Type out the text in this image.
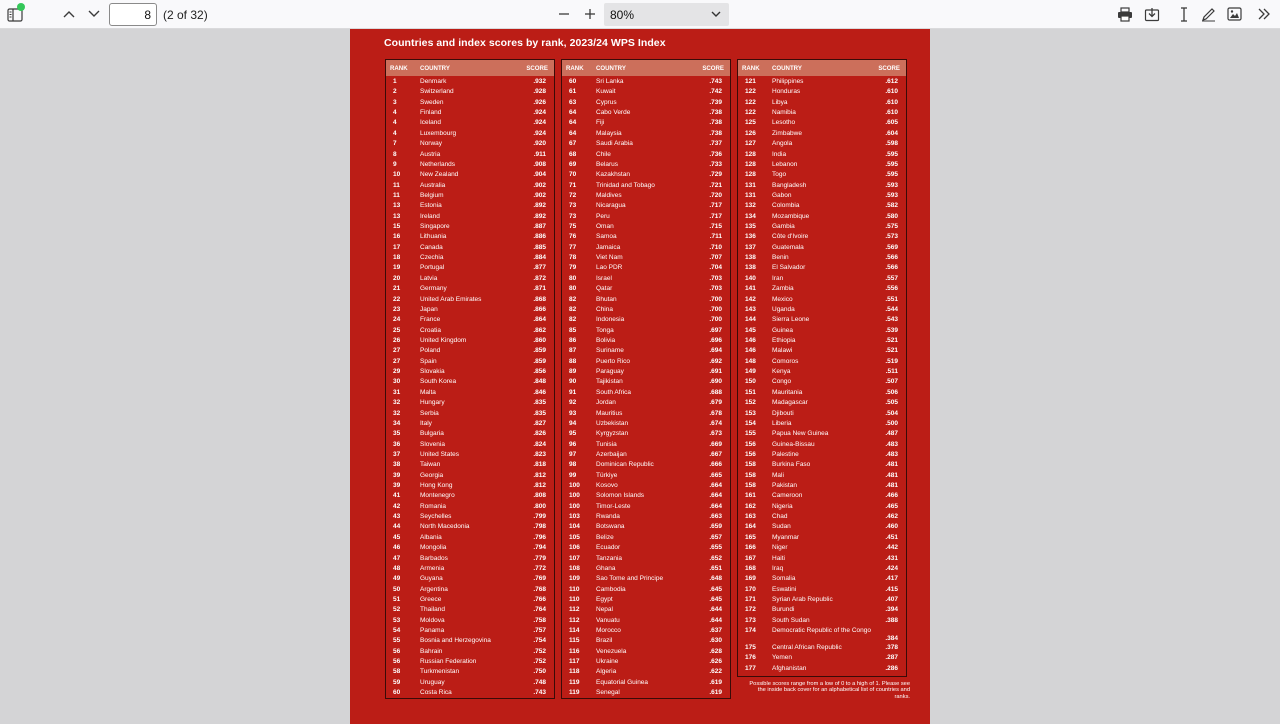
8
(2 of 32)	80%
Countries and index scores by rank, 2023/24 WPS Index
RANK COUNTRY	SCORE
1	Denmark	.932
2	Switzerland	.928
3	Sweden	.926
4	Finland	.924
4	Iceland	.924
4	Luxembourg	.924
7	Norway	.920
8	Austria	.911
9	Netherlands	.908
10	New Zealand	.904
11	Australia	.902
11	Belgium	.902
13	Estonia	.892
13	Ireland	.892
15	Singapore	.887
16	Lithuania	.886
17	Canada	.885
18	Czechia	.884
19	Portugal	.877
20	Latvia	.872
21	Germany	.871
22	United Arab Emirates	.868
23	Japan	.866
24	France	.864
25	Croatia	.862
26	United Kingdom	.860
27	Poland	.859
27	Spain	.859
29	Slovakia	.856
30	South Korea	.848
31	Malta	.846
32	Hungary	.835
32	Serbia	.835
34	Italy	.827
35	Bulgaria	.826
36	Slovenia	.824
37	United States	.823
38	Taiwan	.818
39	Georgia	.812
39	Hong Kong	.812
41	Montenegro	.808
42	Romania	.800
43	Seychelles	.799
44	North Macedonia	.798
45	Albania	.796
46	Mongolia	.794
47	Barbados	.779
48	Armenia	.772
49	Guyana	.769
50	Argentina	.768
51	Greece	.766
52	Thailand	.764
53	Moldova	.758
54	Panama	.757
55	Bosnia and Herzegovina	.754
56	Bahrain	.752
56	Russian Federation	.752
58	Turkmenistan	.750
59	Uruguay	.748
60	Costa Rica	.743
RANK COUNTRY	SCORE
60	Sri Lanka	.743
61	Kuwait	.742
63	Cyprus	.739
64	Cabo Verde	.738
64	Fiji	.738
64	Malaysia	.738
67	Saudi Arabia	.737
68	Chile	.736
69	Belarus	.733
70	Kazakhstan	.729
71	Trinidad and Tobago	.721
72	Maldives	.720
73	Nicaragua	.717
73	Peru	.717
75	Oman	.715
76	Samoa	.711
77	Jamaica	.710
78	Viet Nam	.707
79	Lao PDR	.704
80	Israel	.703
80	Qatar	.703
82	Bhutan	.700
82	China	.700
82	Indonesia	.700
85	Tonga	.697
86	Bolivia	.696
87	Suriname	.694
88	Puerto Rico	.692
89	Paraguay	.691
90	Tajikistan	.690
91	South Africa	.688
92	Jordan	.679
93	Mauritius	.678
94	Uzbekistan	.674
95	Kyrgyzstan	.673
96	Tunisia	.669
97	Azerbaijan	.667
98	Dominican Republic	.666
99	Türkiye	.665
100	Kosovo	.664
100	Solomon Islands	.664
100	Timor-Leste	.664
103	Rwanda	.663
104	Botswana	.659
105	Belize	.657
106	Ecuador	.655
107	Tanzania	.652
108	Ghana	.651
109	Sao Tome and Principe	.648
110	Cambodia	.645
110	Egypt	.645
112	Nepal	.644
112	Vanuatu	.644
114	Morocco	.637
115	Brazil	.630
116	Venezuela	.628
117	Ukraine	.626
118	Algeria	.622
119	Equatorial Guinea	.619
119	Senegal	.619
RANK COUNTRY	SCORE
121	Philippines	.612
122	Honduras	.610
122	Libya	.610
122	Namibia	.610
125	Lesotho	.605
126	Zimbabwe	.604
127	Angola	.598
128	India	.595
128	Lebanon	.595
128	Togo	.595
131	Bangladesh	.593
131	Gabon	.593
132	Colombia	.582
134	Mozambique	.580
135	Gambia	.575
136	Côte d'Ivoire	.573
137	Guatemala	.569
138	Benin	.566
138	El Salvador	.566
140	Iran	.557
141	Zambia	.556
142	Mexico	.551
143	Uganda	.544
144	Sierra Leone	.543
145	Guinea	.539
146	Ethiopia	.521
146	Malawi	.521
148	Comoros	.519
149	Kenya	.511
150	Congo	.507
151	Mauritania	.506
152	Madagascar	.505
153	Djibouti	.504
154	Liberia	.500
155	Papua New Guinea	.487
156	Guinea-Bissau	.483
156	Palestine	.483
158	Burkina Faso	.481
158	Mali	.481
158	Pakistan	.481
161	Cameroon	.466
162	Nigeria	.465
163	Chad	.462
164	Sudan	.460
165	Myanmar	.451
166	Niger	.442
167	Haiti	.431
168	Iraq	.424
169	Somalia	.417
170	Eswatini	.415
171	Syrian Arab Republic	.407
172	Burundi	.394
173	South Sudan	.388
174	Democratic Republic of the Congo
.384
175	Central African Republic	.378
176	Yemen	.287
177	Afghanistan	.286
Possible scores range from a low of 0 to a high of 1. Please see the inside back cover for an alphabetical list of countries and ranks.
